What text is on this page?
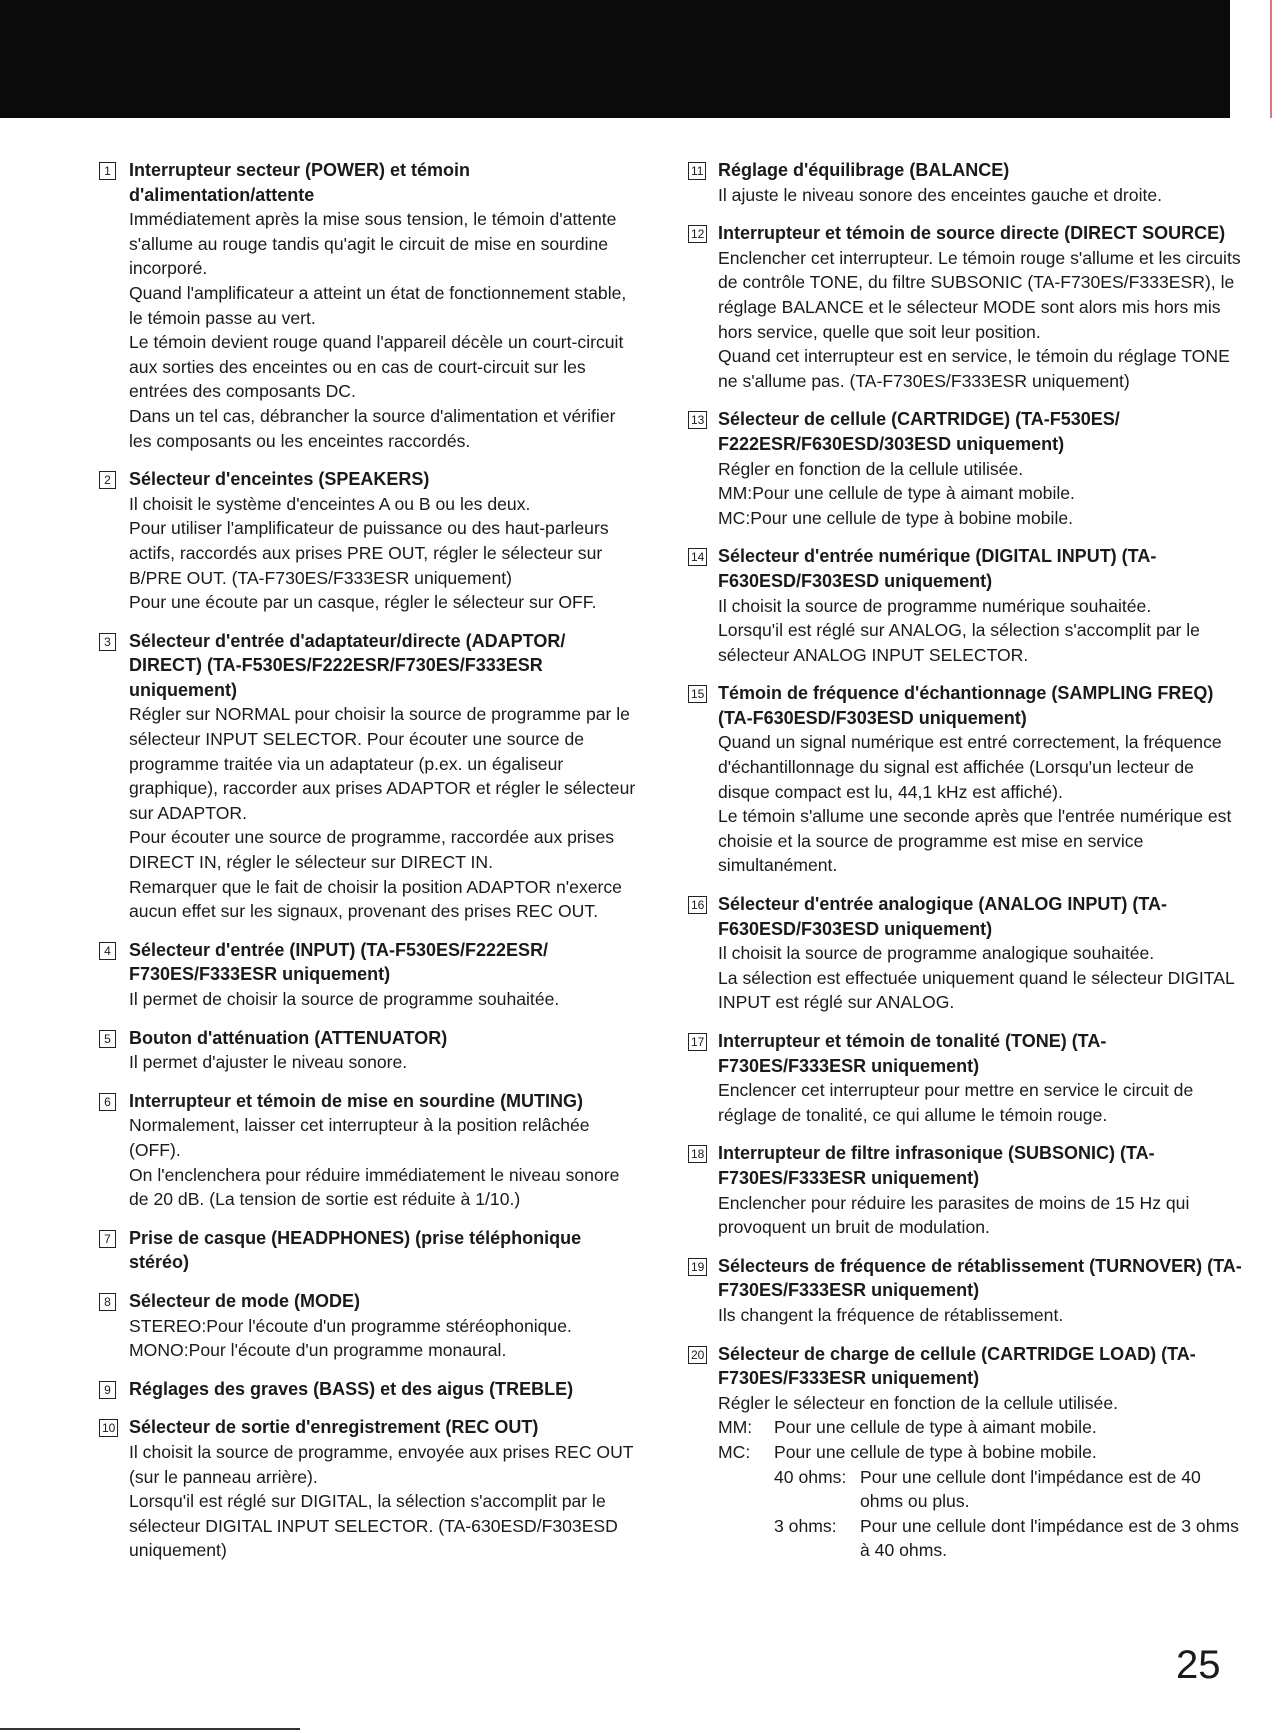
1 Interrupteur secteur (POWER) et témoin d'alimentation/attente

Immédiatement après la mise sous tension, le témoin d'attente s'allume au rouge tandis qu'agit le circuit de mise en sourdine incorporé.

Quand l'amplificateur a atteint un état de fonctionnement stable, le témoin passe au vert.

Le témoin devient rouge quand l'appareil décèle un court-circuit aux sorties des enceintes ou en cas de court-circuit sur les entrées des composants DC.

Dans un tel cas, débrancher la source d'alimentation et vérifier les composants ou les enceintes raccordés.

2 Sélecteur d'enceintes (SPEAKERS)

Il choisit le système d'enceintes A ou B ou les deux.

Pour utiliser l'amplificateur de puissance ou des haut-parleurs actifs, raccordés aux prises PRE OUT, régler le sélecteur sur B/PRE OUT. (TA-F730ES/F333ESR uniquement)

Pour une écoute par un casque, régler le sélecteur sur OFF.

3 Sélecteur d'entrée d'adaptateur/directe (ADAPTOR/ DIRECT) (TA-F530ES/F222ESR/F730ES/F333ESR uniquement)

Régler sur NORMAL pour choisir la source de programme par le sélecteur INPUT SELECTOR. Pour écouter une source de programme traitée via un adaptateur (p.ex. un égaliseur graphique), raccorder aux prises ADAPTOR et régler le sélecteur sur ADAPTOR.

Pour écouter une source de programme, raccordée aux prises DIRECT IN, régler le sélecteur sur DIRECT IN.

Remarquer que le fait de choisir la position ADAPTOR n'exerce aucun effet sur les signaux, provenant des prises REC OUT.

4 Sélecteur d'entrée (INPUT) (TA-F530ES/F222ESR/ F730ES/F333ESR uniquement)

Il permet de choisir la source de programme souhaitée.

5 Bouton d'atténuation (ATTENUATOR)

Il permet d'ajuster le niveau sonore.

6 Interrupteur et témoin de mise en sourdine (MUTING)

Normalement, laisser cet interrupteur à la position relâchée (OFF).

On l'enclenchera pour réduire immédiatement le niveau sonore de 20 dB. (La tension de sortie est réduite à 1/10.)

7 Prise de casque (HEADPHONES) (prise téléphonique stéréo)
8 Sélecteur de mode (MODE)

STEREO:Pour l'écoute d'un programme stéréophonique.

MONO:Pour l'écoute d'un programme monaural.

9 Réglages des graves (BASS) et des aigus (TREBLE)
10 Sélecteur de sortie d'enregistrement (REC OUT)

Il choisit la source de programme, envoyée aux prises REC OUT (sur le panneau arrière).

Lorsqu'il est réglé sur DIGITAL, la sélection s'accomplit par le sélecteur DIGITAL INPUT SELECTOR. (TA-630ESD/F303ESD uniquement)

11 Réglage d'équilibrage (BALANCE)

Il ajuste le niveau sonore des enceintes gauche et droite.

12 Interrupteur et témoin de source directe (DIRECT SOURCE)

Enclencher cet interrupteur. Le témoin rouge s'allume et les circuits de contrôle TONE, du filtre SUBSONIC (TA-F730ES/F333ESR), le réglage BALANCE et le sélecteur MODE sont alors mis hors mis hors service, quelle que soit leur position.

Quand cet interrupteur est en service, le témoin du réglage TONE ne s'allume pas. (TA-F730ES/F333ESR uniquement)

13 Sélecteur de cellule (CARTRIDGE) (TA-F530ES/ F222ESR/F630ESD/303ESD uniquement)

Régler en fonction de la cellule utilisée.

MM:Pour une cellule de type à aimant mobile.

MC:Pour une cellule de type à bobine mobile.

14 Sélecteur d'entrée numérique (DIGITAL INPUT) (TA-F630ESD/F303ESD uniquement)

Il choisit la source de programme numérique souhaitée.

Lorsqu'il est réglé sur ANALOG, la sélection s'accomplit par le sélecteur ANALOG INPUT SELECTOR.

15 Témoin de fréquence d'échantionnage (SAMPLING FREQ) (TA-F630ESD/F303ESD uniquement)

Quand un signal numérique est entré correctement, la fréquence d'échantillonnage du signal est affichée (Lorsqu'un lecteur de disque compact est lu, 44,1 kHz est affiché).

Le témoin s'allume une seconde après que l'entrée numérique est choisie et la source de programme est mise en service simultanément.

16 Sélecteur d'entrée analogique (ANALOG INPUT) (TA-F630ESD/F303ESD uniquement)

Il choisit la source de programme analogique souhaitée.

La sélection est effectuée uniquement quand le sélecteur DIGITAL INPUT est réglé sur ANALOG.

17 Interrupteur et témoin de tonalité (TONE) (TA-F730ES/F333ESR uniquement)

Enclencer cet interrupteur pour mettre en service le circuit de réglage de tonalité, ce qui allume le témoin rouge.

18 Interrupteur de filtre infrasonique (SUBSONIC) (TA-F730ES/F333ESR uniquement)

Enclencher pour réduire les parasites de moins de 15 Hz qui provoquent un bruit de modulation.

19 Sélecteurs de fréquence de rétablissement (TURNOVER) (TA-F730ES/F333ESR uniquement)

Ils changent la fréquence de rétablissement.

20 Sélecteur de charge de cellule (CARTRIDGE LOAD) (TA-F730ES/F333ESR uniquement)

Régler le sélecteur en fonction de la cellule utilisée.

MM:	Pour une cellule de type à aimant mobile.
MC:	Pour une cellule de type à bobine mobile.
40 ohms: Pour une cellule dont l'impédance est de 40 ohms ou plus.
3 ohms:	Pour une cellule dont l'impédance est de 3 ohms à 40 ohms.
25
